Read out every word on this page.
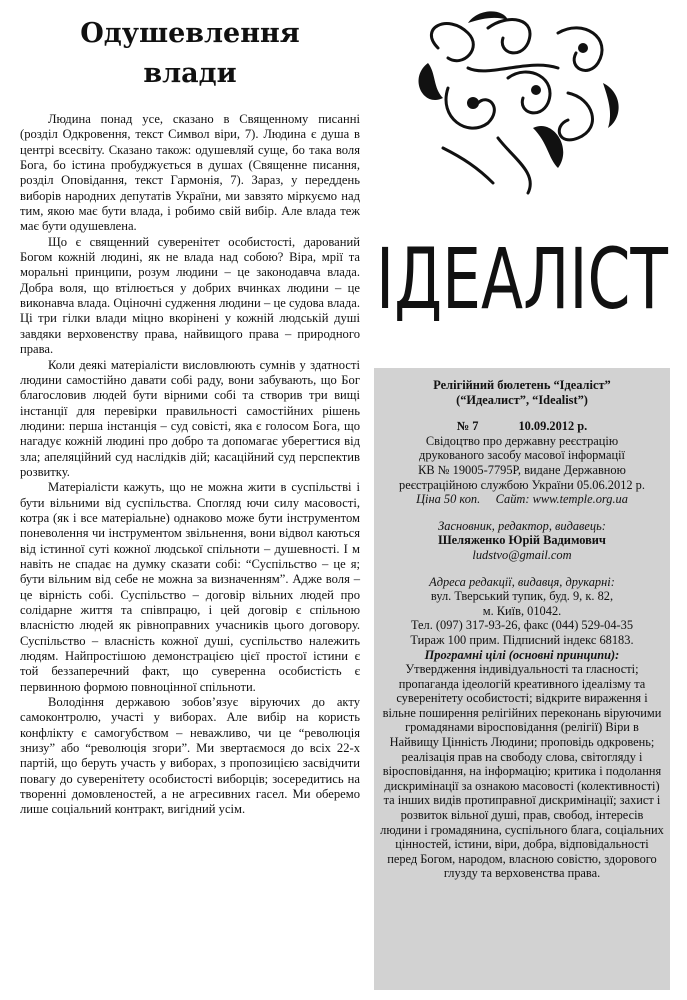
Одушевлення
влади

Людина понад усе, сказано в Священному писанні (розділ Одкровення, текст Символ віри, 7). Людина є душа в центрі всесвіту. Сказано також: одушевляй суще, бо така воля Бога, бо істина пробуджується в душах (Священне писання, розділ Оповідання, текст Гармонія, 7). Зараз, у переддень виборів народних депутатів України, ми завзято міркуємо над тим, якою має бути влада, і робимо свій вибір. Але влада теж має бути одушевлена.

Що є священний суверенітет особистості, дарований Богом кожній людині, як не влада над собою? Віра, мрії та моральні принципи, розум людини – це законодавча влада. Добра воля, що втілюється у добрих вчинках людини – це виконавча влада. Оціночні судження людини – це судова влада. Ці три гілки влади міцно вкорінені у кожній людській душі завдяки верховенству права, найвищого права – природного права.

Коли деякі матеріалісти висловлюють сумнів у здатності людини самостійно давати собі раду, вони забувають, що Бог благословив людей бути вірними собі та створив три вищі інстанції для перевірки правильності самостійних рішень людини: перша інстанція – суд совісті, яка є голосом Бога, що нагадує кожній людині про добро та допомагає уберегтися від зла; апеляційний суд наслідків дій; касаційний суд перспектив розвитку.

Матеріалісти кажуть, що не можна жити в суспільстві і бути вільними від суспільства. Спогляд ючи силу масовості, котра (як і все матеріальне) однаково може бути інструментом поневолення чи інструментом звільнення, вони відвол каються від істинної суті кожної людської спільноти – душевності. І м навіть не спадає на думку сказати собі: “Суспільство – це я; бути вільним від себе не можна за визначенням”. Адже воля – це вірність собі. Суспільство – договір вільних людей про солідарне життя та співпрацю, і цей договір є спільною власністю людей як рівноправних учасників цього договору. Суспільство – власність кожної душі, суспільство належить людям. Найпростішою демонстрацією цієї простої істини є той беззаперечний факт, що суверенна особистість є первинною формою повноцінної спільноти.

Володіння державою зобов’язує віруючих до акту самоконтролю, участі у виборах. Але вибір на користь конфлікту є самогубством – неважливо, чи це “революція знизу” або “революція згори”. Ми звертаємося до всіх 22-х партій, що беруть участь у виборах, з пропозицією засвідчити повагу до суверенітету особистості виборців; зосередитись на творенні домовленостей, а не агресивних гасел. Ми оберемо лише соціальний контракт, вигідний усім.

ІДЕАЛІСТ
Релігійний бюлетень “Ідеаліст”
(“Идеалист”, “Idealist”)
№ 7	10.09.2012 р.
Свідоцтво про державну реєстрацію
друкованого засобу масової інформації
КВ № 19005-7795Р, видане Державною
реєстраційною службою України 05.06.2012 р.
Ціна 50 коп.     Сайт: www.temple.org.ua
Засновник, редактор, видавець:
Шеляженко Юрій Вадимович
ludstvo@gmail.com
Адреса редакції, видавця, друкарні:
вул. Тверський тупик, буд. 9, к. 82,
м. Київ, 01042.
Тел. (097) 317-93-26, факс (044) 529-04-35
Тираж 100 прим. Підписний індекс 68183.
Програмні цілі (основні принципи):
Утвердження індивідуальності та гласності; пропаганда ідеологій креативного ідеалізму та суверенітету особистості; відкрите вираження і вільне поширення релігійних переконань віруючими громадянами віросповідання (релігії) Віри в Найвищу Цінність Людини; проповідь одкровень; реалізація прав на свободу слова, світогляду і віросповідання, на інформацію; критика і подолання дискримінації за ознакою масовості (колективності) та інших видів протиправної дискримінації; захист і розвиток вільної душі, прав, свобод, інтересів людини і громадянина, суспільного блага, соціальних цінностей, істини, віри, добра, відповідальності перед Богом, народом, власною совістю, здорового глузду та верховенства права.
